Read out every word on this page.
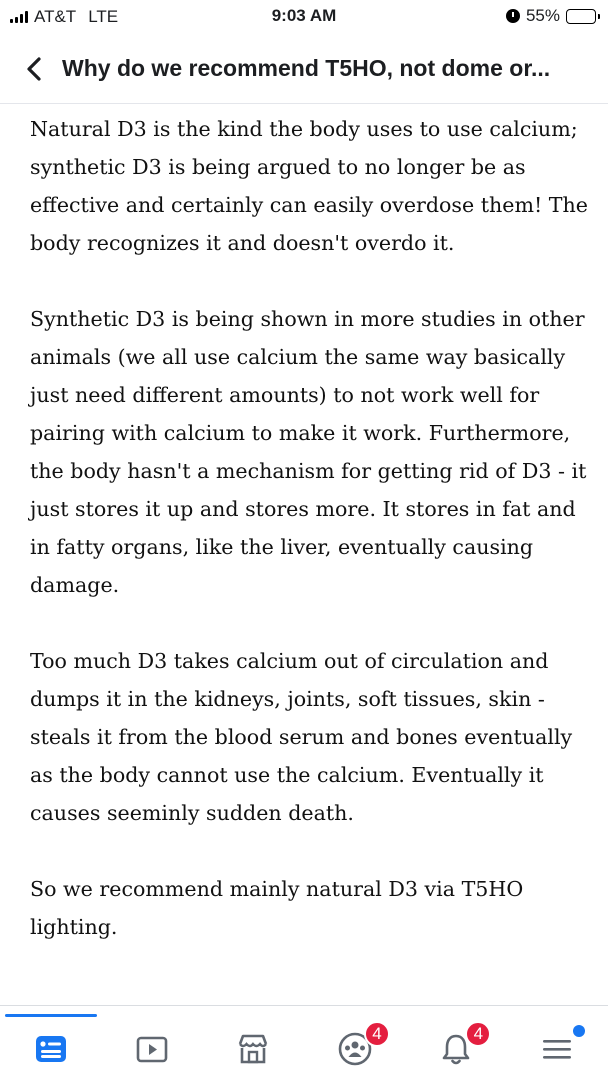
AT&T LTE	9:03 AM	55%
Why do we recommend T5HO, not dome or...

Natural D3 is the kind the body uses to use calcium; synthetic D3 is being argued to no longer be as effective and certainly can easily overdose them! The body recognizes it and doesn't overdo it.

Synthetic D3 is being shown in more studies in other animals (we all use calcium the same way basically just need different amounts) to not work well for pairing with calcium to make it work. Furthermore, the body hasn't a mechanism for getting rid of D3 - it just stores it up and stores more. It stores in fat and in fatty organs, like the liver, eventually causing damage.

Too much D3 takes calcium out of circulation and dumps it in the kidneys, joints, soft tissues, skin - steals it from the blood serum and bones eventually as the body cannot use the calcium. Eventually it causes seeminly sudden death.

So we recommend mainly natural D3 via T5HO lighting.

4	4
